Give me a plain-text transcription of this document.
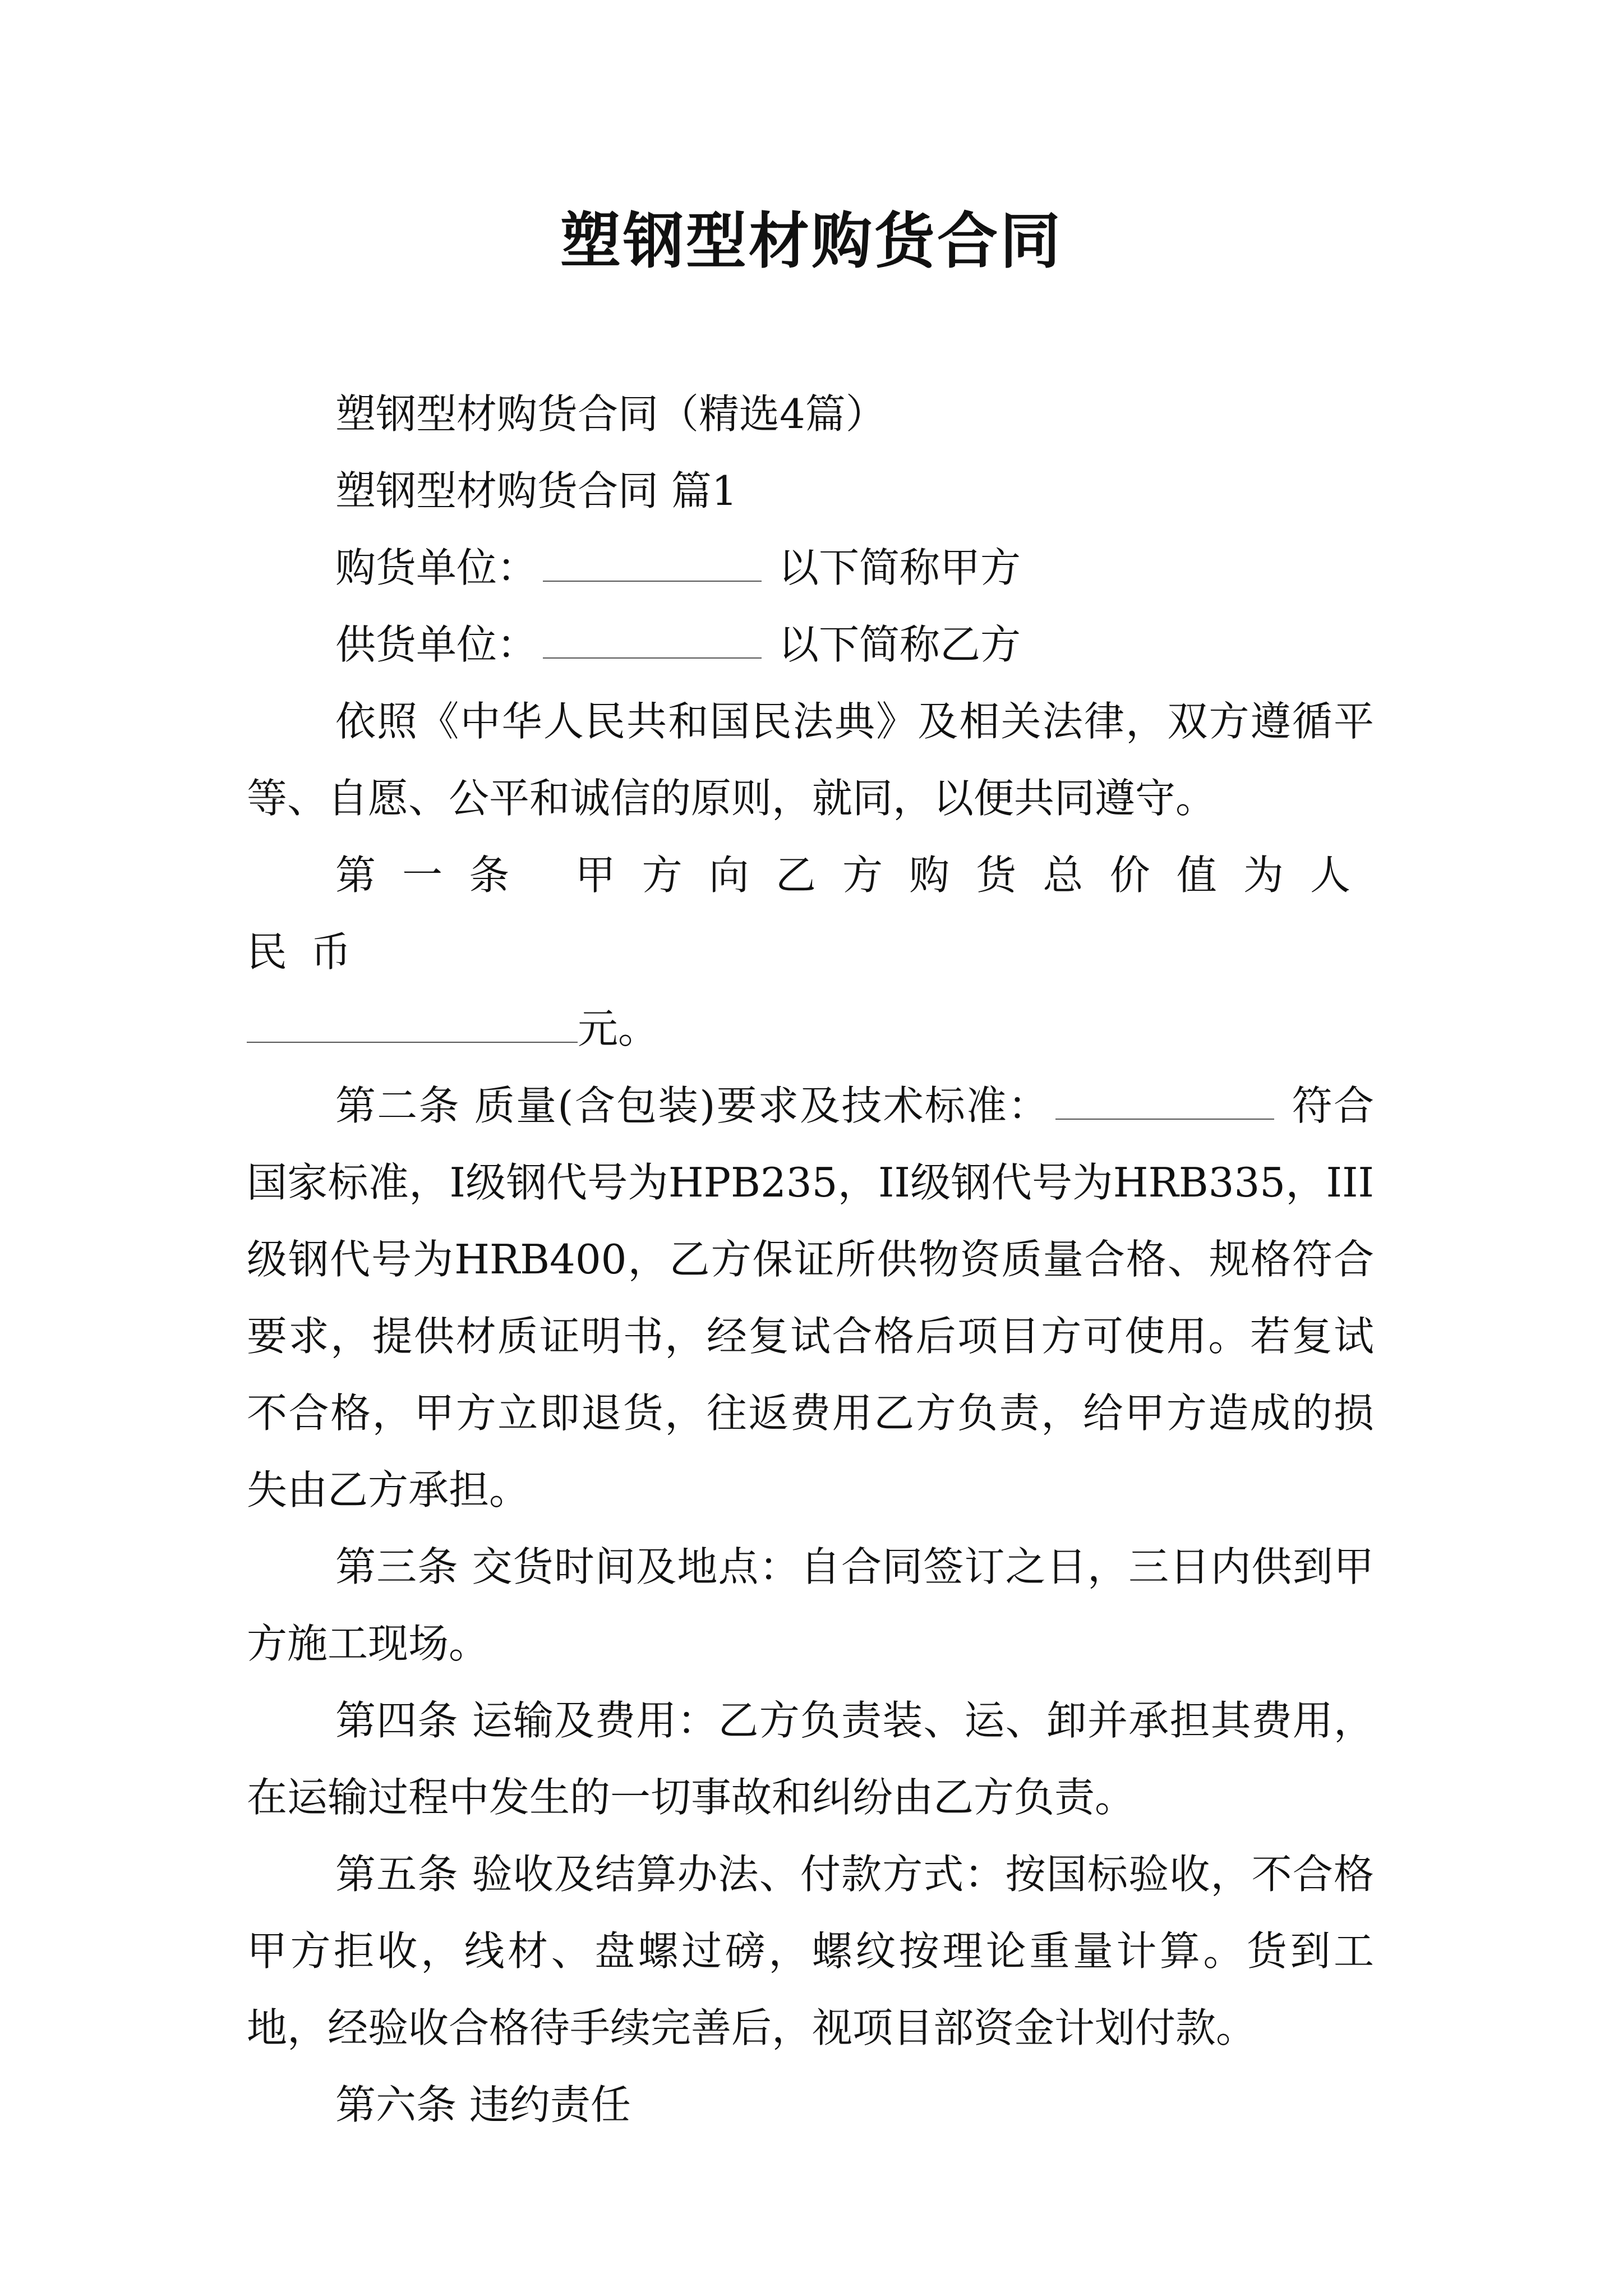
塑钢型材购货合同

塑钢型材购货合同（精选4篇）

塑钢型材购货合同 篇1

购货单位：	以下简称甲方

供货单位：	以下简称乙方

依照《中华人民共和国民法典》及相关法律，双方遵循平等、自愿、公平和诚信的原则，就同，以便共同遵守。

第一条 甲方向乙方购货总价值为人民币
元。

第二条 质量(含包装)要求及技术标准：	符合国家标准，I级钢代号为HPB235，II级钢代号为HRB335，III级钢代号为HRB400，乙方保证所供物资质量合格、规格符合要求，提供材质证明书，经复试合格后项目方可使用。若复试不合格，甲方立即退货，往返费用乙方负责，给甲方造成的损失由乙方承担。

第三条 交货时间及地点：自合同签订之日，三日内供到甲方施工现场。

第四条 运输及费用：乙方负责装、运、卸并承担其费用，在运输过程中发生的一切事故和纠纷由乙方负责。

第五条 验收及结算办法、付款方式：按国标验收，不合格甲方拒收，线材、盘螺过磅，螺纹按理论重量计算。货到工地，经验收合格待手续完善后，视项目部资金计划付款。

第六条 违约责任
